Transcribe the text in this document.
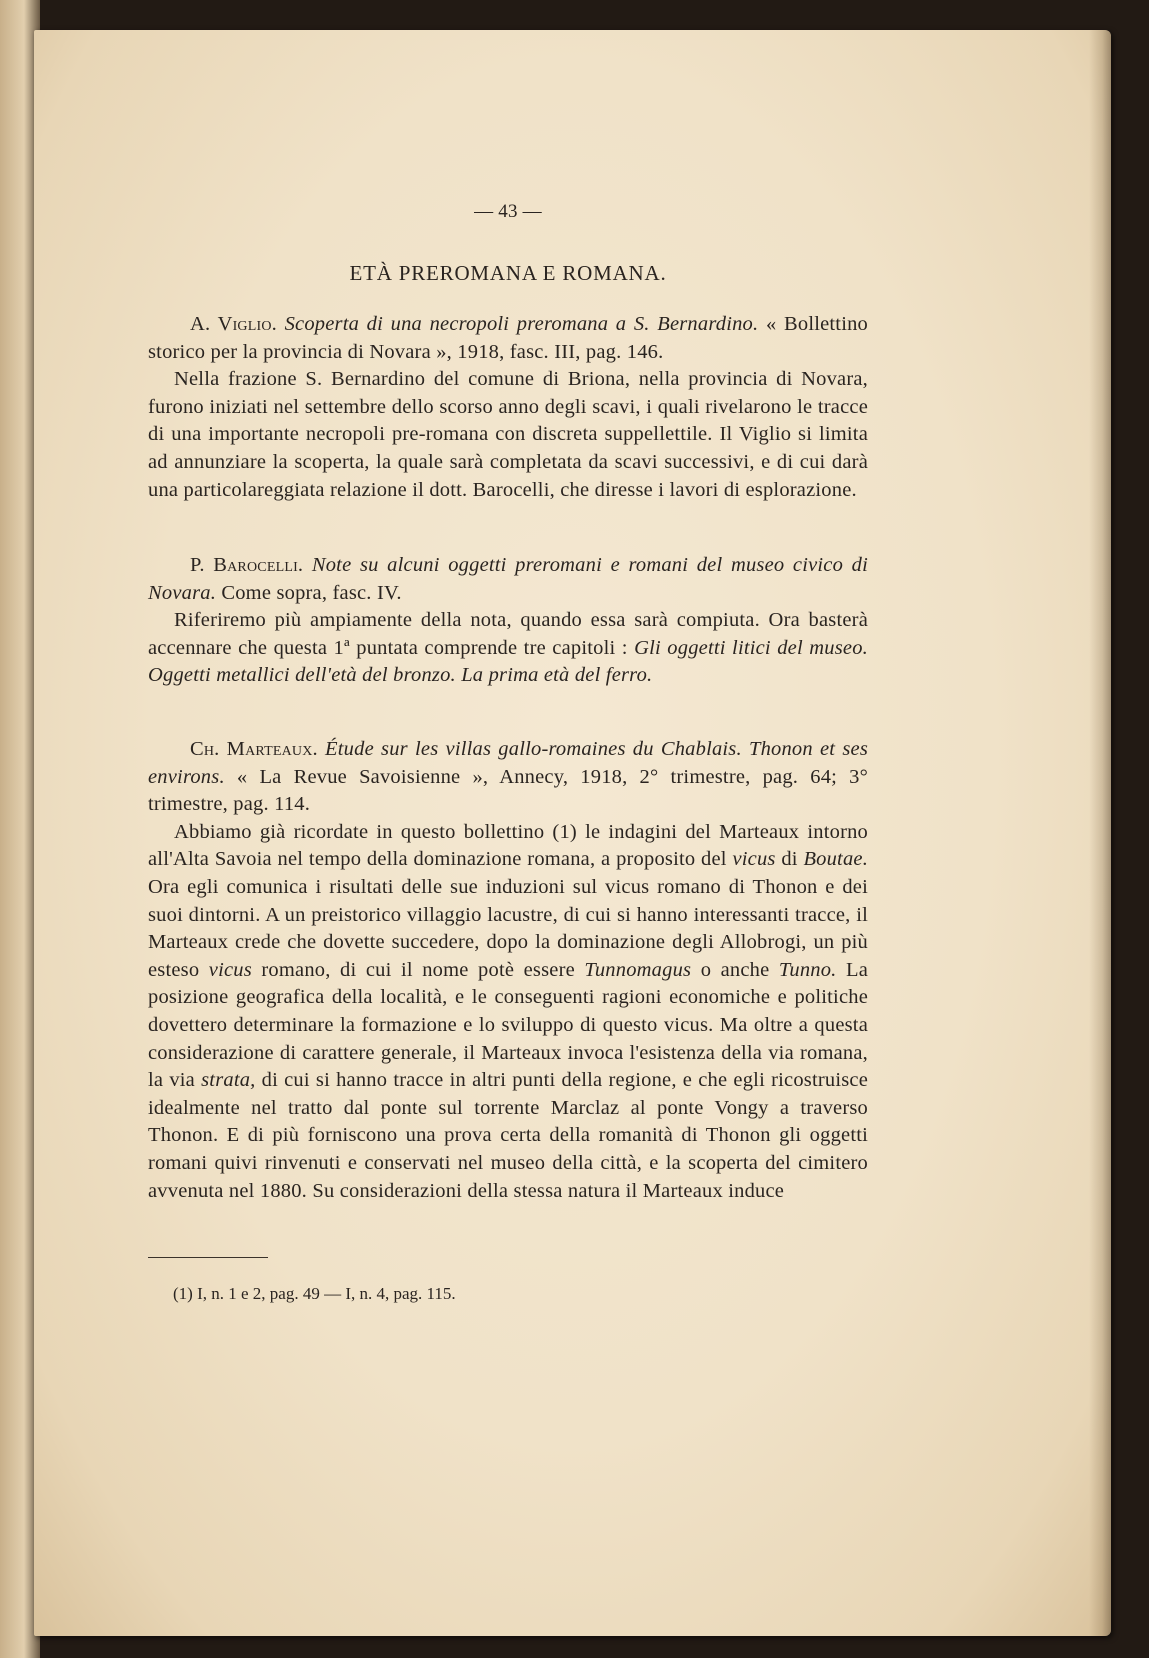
— 43 —
ETÀ PREROMANA E ROMANA.

A. Viglio. Scoperta di una necropoli preromana a S. Bernardino. « Bollettino storico per la provincia di Novara », 1918, fasc. III, pag. 146.

Nella frazione S. Bernardino del comune di Briona, nella provincia di Novara, furono iniziati nel settembre dello scorso anno degli scavi, i quali rivelarono le tracce di una importante necropoli pre-romana con discreta suppellettile. Il Viglio si limita ad annunziare la scoperta, la quale sarà completata da scavi successivi, e di cui darà una particolareggiata relazione il dott. Barocelli, che diresse i lavori di esplorazione.

P. Barocelli. Note su alcuni oggetti preromani e romani del museo civico di Novara. Come sopra, fasc. IV.

Riferiremo più ampiamente della nota, quando essa sarà compiuta. Ora basterà accennare che questa 1ª puntata comprende tre capitoli : Gli oggetti litici del museo. Oggetti metallici dell'età del bronzo. La prima età del ferro.

Ch. Marteaux. Étude sur les villas gallo-romaines du Chablais. Thonon et ses environs. « La Revue Savoisienne », Annecy, 1918, 2° trimestre, pag. 64; 3° trimestre, pag. 114.

Abbiamo già ricordate in questo bollettino (1) le indagini del Marteaux intorno all'Alta Savoia nel tempo della dominazione romana, a proposito del vicus di Boutae. Ora egli comunica i risultati delle sue induzioni sul vicus romano di Thonon e dei suoi dintorni. A un preistorico villaggio lacustre, di cui si hanno interessanti tracce, il Marteaux crede che dovette succedere, dopo la dominazione degli Allobrogi, un più esteso vicus romano, di cui il nome potè essere Tunnomagus o anche Tunno. La posizione geografica della località, e le conseguenti ragioni economiche e politiche dovettero determinare la formazione e lo sviluppo di questo vicus. Ma oltre a questa considerazione di carattere generale, il Marteaux invoca l'esistenza della via romana, la via strata, di cui si hanno tracce in altri punti della regione, e che egli ricostruisce idealmente nel tratto dal ponte sul torrente Marclaz al ponte Vongy a traverso Thonon. E di più forniscono una prova certa della romanità di Thonon gli oggetti romani quivi rinvenuti e conservati nel museo della città, e la scoperta del cimitero avvenuta nel 1880. Su considerazioni della stessa natura il Marteaux induce

(1) I, n. 1 e 2, pag. 49 — I, n. 4, pag. 115.
